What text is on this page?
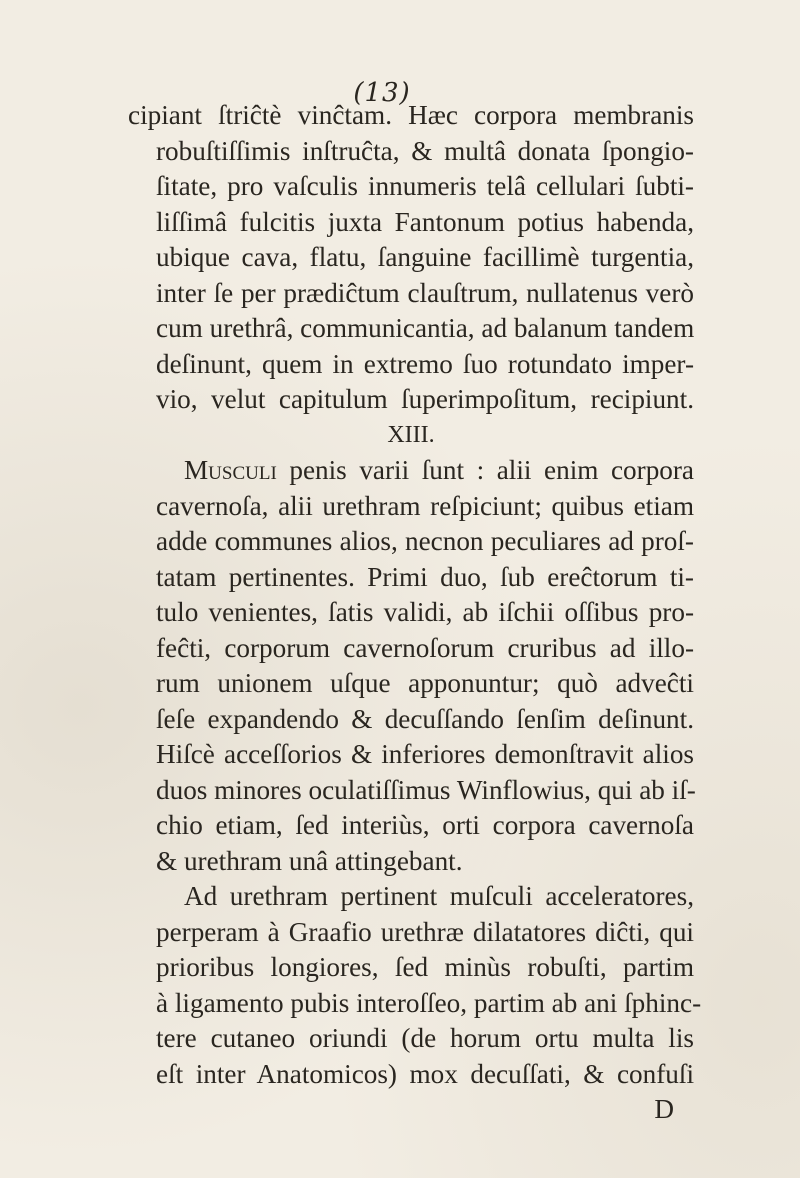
(13)
cipiant ſtriĉtè vinĉtam. Hæc corpora membranis
robuſtiſſimis inſtruĉta, & multâ donata ſpongio-
ſitate, pro vaſculis innumeris telâ cellulari ſubti-
liſſimâ fulcitis juxta Fantonum potius habenda,
ubique cava, flatu, ſanguine facillimè turgentia,
inter ſe per prædiĉtum clauſtrum, nullatenus verò
cum urethrâ, communicantia, ad balanum tandem
deſinunt, quem in extremo ſuo rotundato imper-
vio, velut capitulum ſuperimpoſitum, recipiunt.
XIII.
Musculi penis varii ſunt : alii enim corpora
cavernoſa, alii urethram reſpiciunt; quibus etiam
adde communes alios, necnon peculiares ad proſ-
tatam pertinentes. Primi duo, ſub ereĉtorum ti-
tulo venientes, ſatis validi, ab iſchii oſſibus pro-
feĉti, corporum cavernoſorum cruribus ad illo-
rum unionem uſque apponuntur; quò adveĉti
ſeſe expandendo & decuſſando ſenſim deſinunt.
Hiſcè acceſſorios & inferiores demonſtravit alios
duos minores oculatiſſimus Winflowius, qui ab iſ-
chio etiam, ſed interiùs, orti corpora cavernoſa
& urethram unâ attingebant.
Ad urethram pertinent muſculi acceleratores,
perperam à Graafio urethræ dilatatores diĉti, qui
prioribus longiores, ſed minùs robuſti, partim
à ligamento pubis interoſſeo, partim ab ani ſphinc-
tere cutaneo oriundi (de horum ortu multa lis
eſt inter Anatomicos) mox decuſſati, & confuſi
D
